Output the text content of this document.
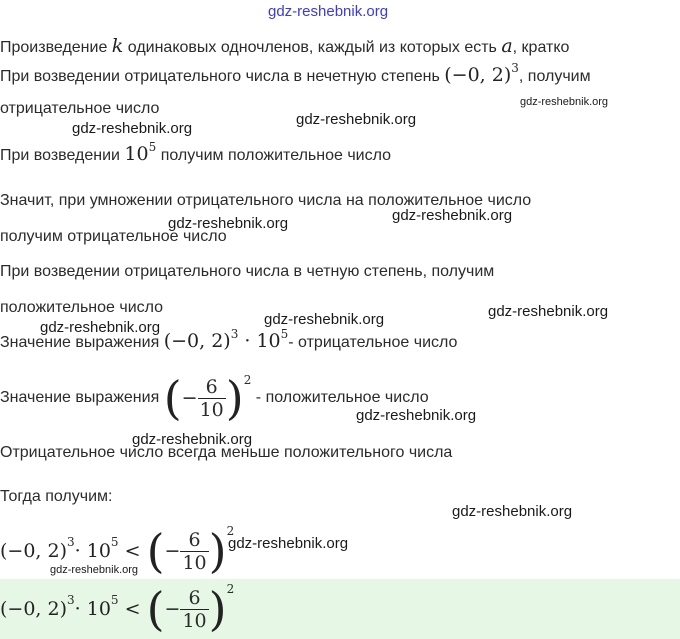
gdz-reshebnik.org
Произведение k одинаковых одночленов, каждый из которых есть a, кратко
При возведении отрицательного числа в нечетную степень (−0, 2)$^3$, получим
отрицательное число
При возведении $10^5$ получим положительное число
Значит, при умножении отрицательного числа на положительное число
получим отрицательное число
При возведении отрицательного числа в четную степень, получим
положительное число
Значение выражения (−0, $2)^3 \cdot 10^5-$ отрицательное число
Значение выражения
( − $\frac{6}{10}$ ) 2

- положительное число
Отрицательное число всегда меньше положительного числа
Тогда получим:
(−0, 2) 3 · 10 5 < ( − $\frac{6}{10}$ ) 2
(−0, 2) 3 · 10 5 < ( − $\frac{6}{10}$ ) 2
gdz-reshebnik.org
gdz-reshebnik.org
gdz-reshebnik.org
gdz-reshebnik.org
gdz-reshebnik.org
gdz-reshebnik.org
gdz-reshebnik.org
gdz-reshebnik.org
gdz-reshebnik.org
gdz-reshebnik.org
gdz-reshebnik.org
gdz-reshebnik.org
gdz-reshebnik.org
